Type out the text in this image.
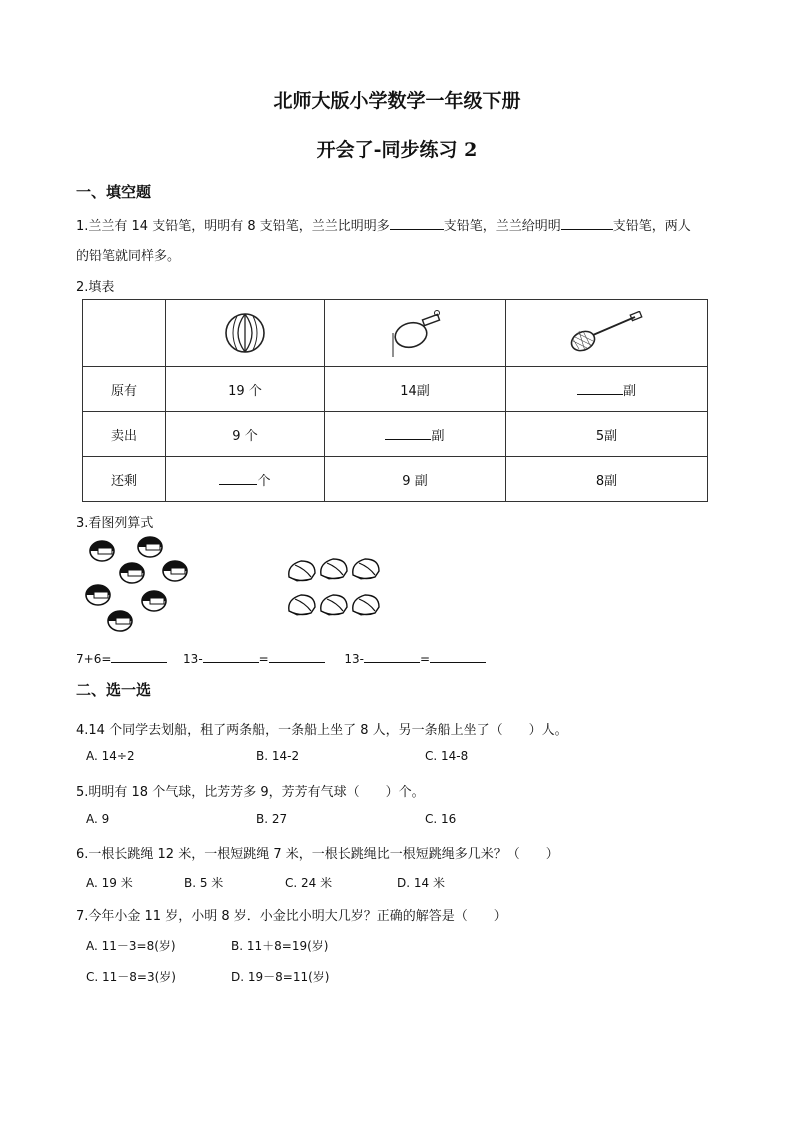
北师大版小学数学一年级下册
开会了-同步练习 2
一、填空题
1.兰兰有 14 支铅笔，明明有 8 支铅笔，兰兰比明明多	支铅笔，兰兰给明明	支铅笔，两人
的铅笔就同样多。
2.填表

原有	19 个	14副	副
卖出	9 个	副	5副
还剩	个	9 副	8副
3.看图列算式
7+6=	13-	=	13-	=
二、选一选
4.14 个同学去划船，租了两条船，一条船上坐了 8 人，另一条船上坐了（　　）人。
A. 14÷2	B. 14-2	C. 14-8
5.明明有 18 个气球，比芳芳多 9，芳芳有气球（　　）个。
A. 9	B. 27	C. 16
6.一根长跳绳 12 米，一根短跳绳 7 米，一根长跳绳比一根短跳绳多几米？（　　）
A. 19 米	B. 5 米	C. 24 米	D. 14 米
7.今年小金 11 岁，小明 8 岁．小金比小明大几岁？正确的解答是（　　）
A. 11－3=8(岁)	B. 11＋8=19(岁)
C. 11－8=3(岁)	D. 19－8=11(岁)
